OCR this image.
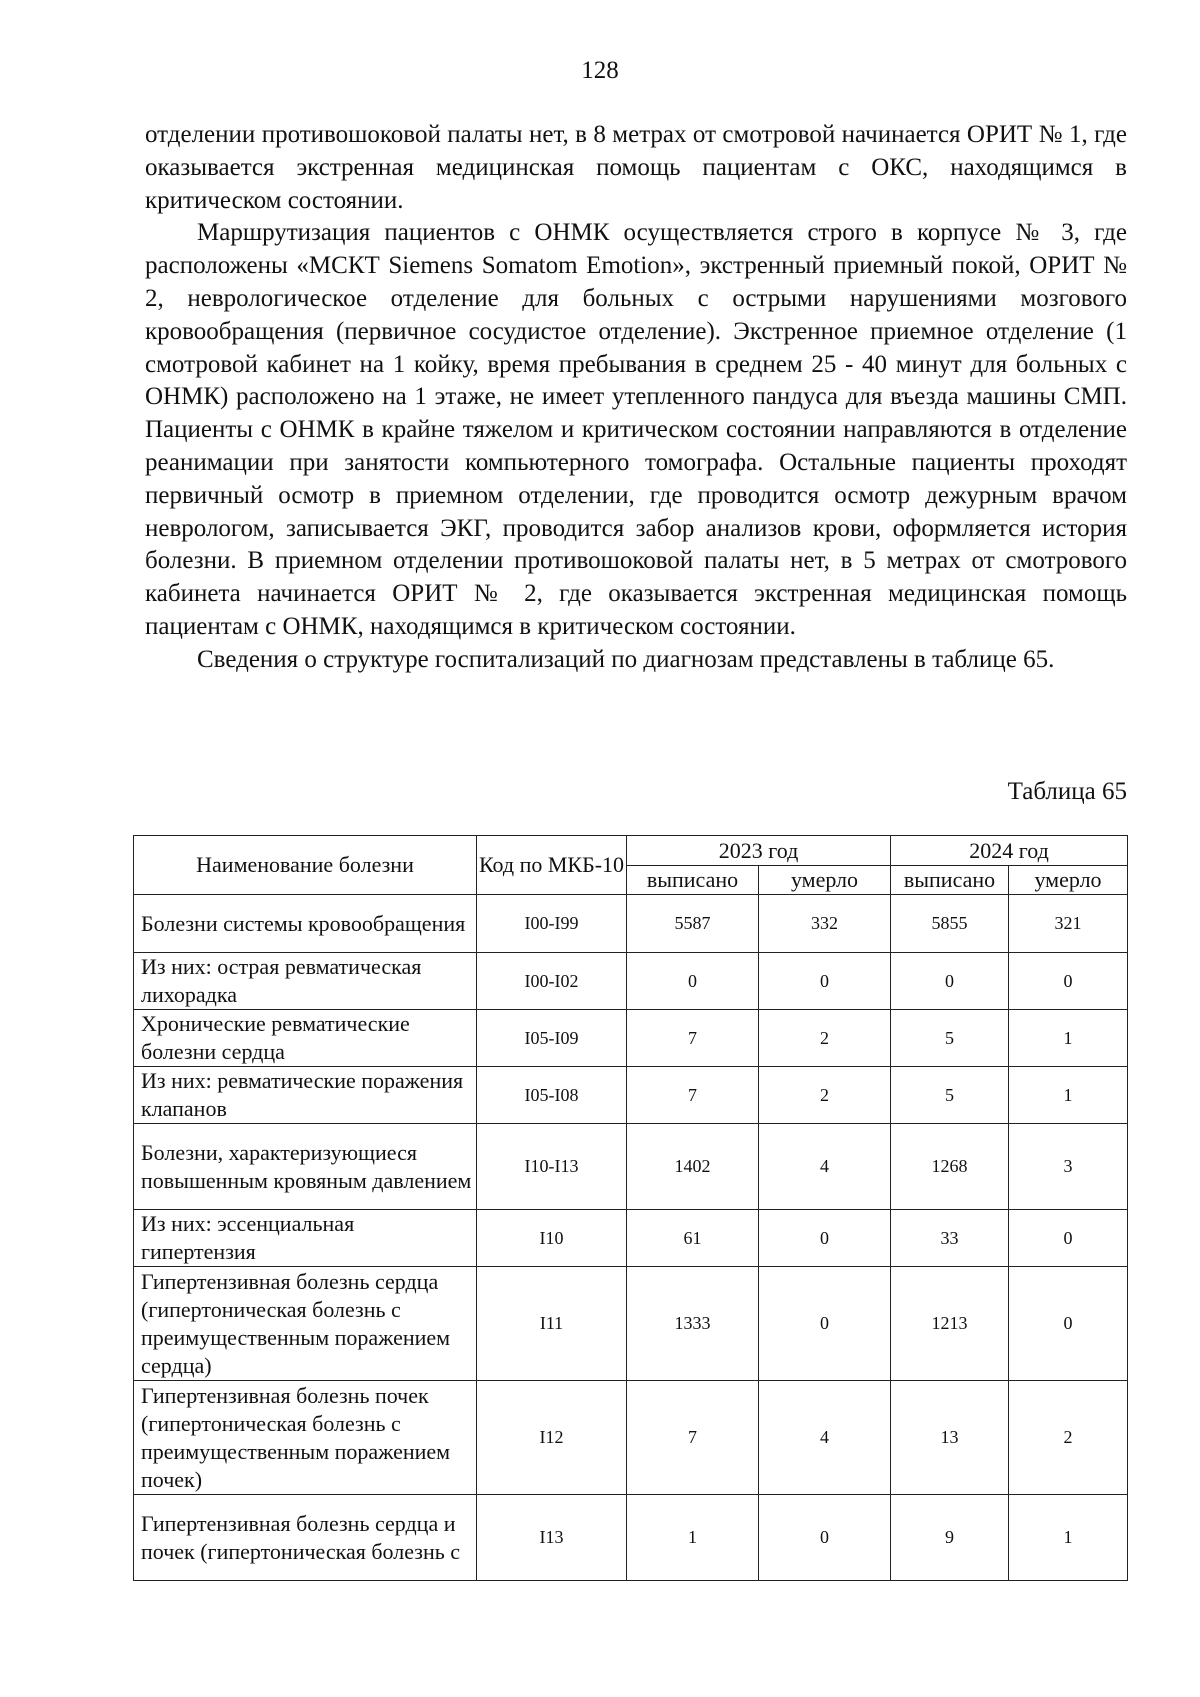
128

отделении противошоковой палаты нет, в 8 метрах от смотровой начинается ОРИТ № 1, где оказывается экстренная медицинская помощь пациентам с ОКС, находящимся в критическом состоянии.

Маршрутизация пациентов с ОНМК осуществляется строго в корпусе № 3, где расположены «МСКТ Siemens Somatom Emotion», экстренный приемный покой, ОРИТ № 2, неврологическое отделение для больных с острыми нарушениями мозгового кровообращения (первичное сосудистое отделение). Экстренное приемное отделение (1 смотровой кабинет на 1 койку, время пребывания в среднем 25 - 40 минут для больных с ОНМК) расположено на 1 этаже, не имеет утепленного пандуса для въезда машины СМП. Пациенты с ОНМК в крайне тяжелом и критическом состоянии направляются в отделение реанимации при занятости компьютерного томографа. Остальные пациенты проходят первичный осмотр в приемном отделении, где проводится осмотр дежурным врачом неврологом, записывается ЭКГ, проводится забор анализов крови, оформляется история болезни. В приемном отделении противошоковой палаты нет, в 5 метрах от смотрового кабинета начинается ОРИТ № 2, где оказывается экстренная медицинская помощь пациентам с ОНМК, находящимся в критическом состоянии.

Сведения о структуре госпитализаций по диагнозам представлены в таблице 65.

Таблица 65
Наименование болезни	Код по МКБ-10	2023 год		2024 год	
		выписано	умерло	выписано	умерло
Болезни системы кровообращения	I00-I99	5587	332	5855	321
Из них: острая ревматическая лихорадка	I00-I02	0	0	0	0
Хронические ревматические болезни сердца	I05-I09	7	2	5	1
Из них: ревматические поражения клапанов	I05-I08	7	2	5	1
Болезни, характеризующиеся повышенным кровяным давлением	I10-I13	1402	4	1268	3
Из них: эссенциальная гипертензия	I10	61	0	33	0
Гипертензивная болезнь сердца (гипертоническая болезнь с преимущественным поражением сердца)	I11	1333	0	1213	0
Гипертензивная болезнь почек (гипертоническая болезнь с преимущественным поражением почек)	I12	7	4	13	2
Гипертензивная болезнь сердца и почек (гипертоническая болезнь с	I13	1	0	9	1
